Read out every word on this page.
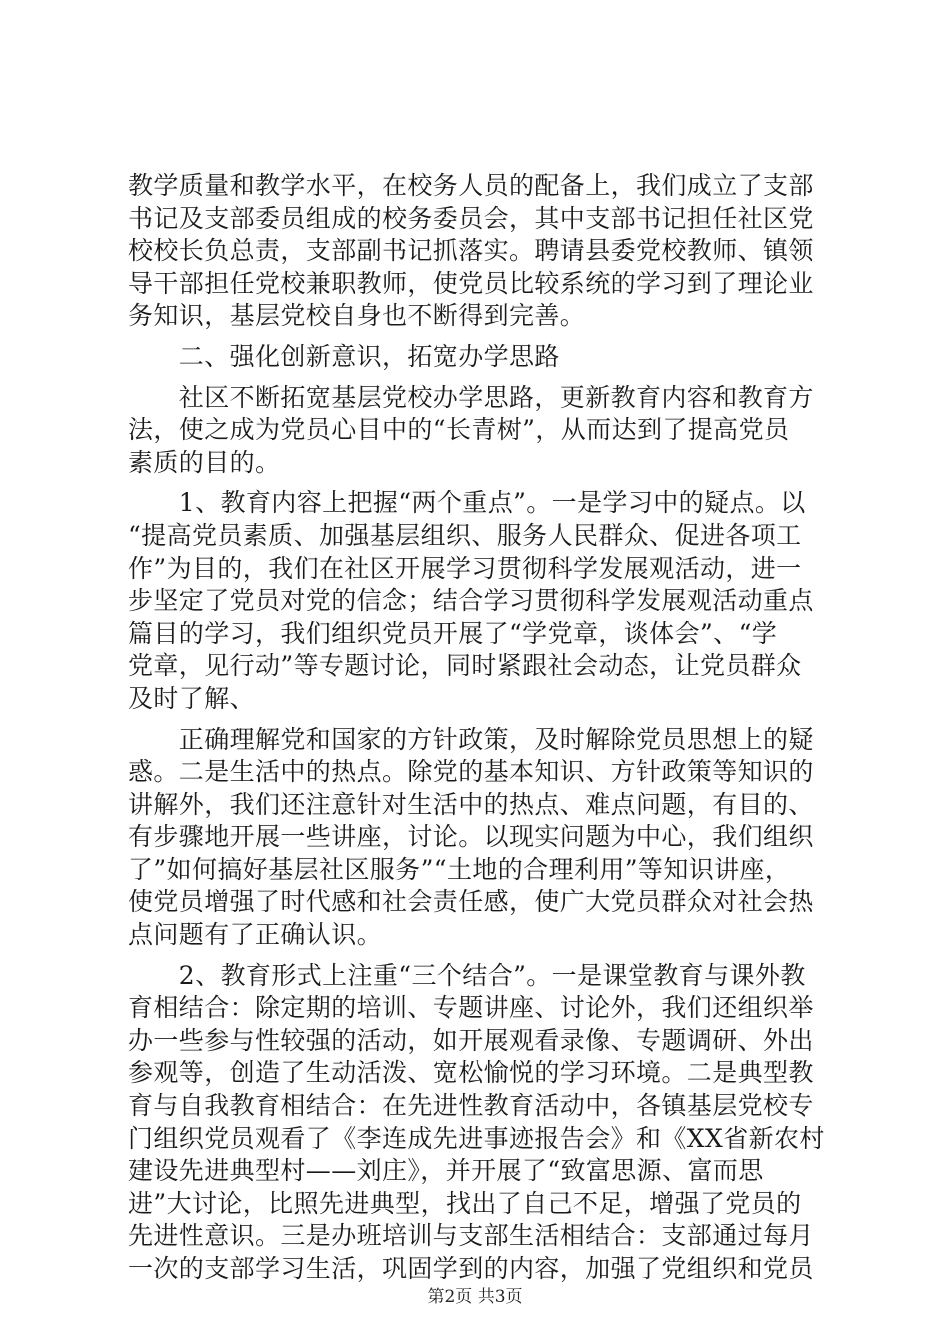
教学质量和教学水平，在校务人员的配备上，我们成立了支部
书记及支部委员组成的校务委员会，其中支部书记担任社区党
校校长负总责，支部副书记抓落实。聘请县委党校教师、镇领
导干部担任党校兼职教师，使党员比较系统的学习到了理论业
务知识，基层党校自身也不断得到完善。
　　二、强化创新意识，拓宽办学思路
　　社区不断拓宽基层党校办学思路，更新教育内容和教育方
法，使之成为党员心目中的“长青树”，从而达到了提高党员
素质的目的。
　　1、教育内容上把握“两个重点”。一是学习中的疑点。以
“提高党员素质、加强基层组织、服务人民群众、促进各项工
作”为目的，我们在社区开展学习贯彻科学发展观活动，进一
步坚定了党员对党的信念；结合学习贯彻科学发展观活动重点
篇目的学习，我们组织党员开展了“学党章，谈体会”、“学
党章，见行动”等专题讨论，同时紧跟社会动态，让党员群众
及时了解、
　　正确理解党和国家的方针政策，及时解除党员思想上的疑
惑。二是生活中的热点。除党的基本知识、方针政策等知识的
讲解外，我们还注意针对生活中的热点、难点问题，有目的、
有步骤地开展一些讲座，讨论。以现实问题为中心，我们组织
了”如何搞好基层社区服务”“土地的合理利用”等知识讲座，
使党员增强了时代感和社会责任感，使广大党员群众对社会热
点问题有了正确认识。
　　2、教育形式上注重“三个结合”。一是课堂教育与课外教
育相结合：除定期的培训、专题讲座、讨论外，我们还组织举
办一些参与性较强的活动，如开展观看录像、专题调研、外出
参观等，创造了生动活泼、宽松愉悦的学习环境。二是典型教
育与自我教育相结合：在先进性教育活动中，各镇基层党校专
门组织党员观看了《李连成先进事迹报告会》和《XX省新农村
建设先进典型村——刘庄》，并开展了“致富思源、富而思
进”大讨论，比照先进典型，找出了自己不足，增强了党员的
先进性意识。三是办班培训与支部生活相结合：支部通过每月
一次的支部学习生活，巩固学到的内容，加强了党组织和党员
第2页 共3页
